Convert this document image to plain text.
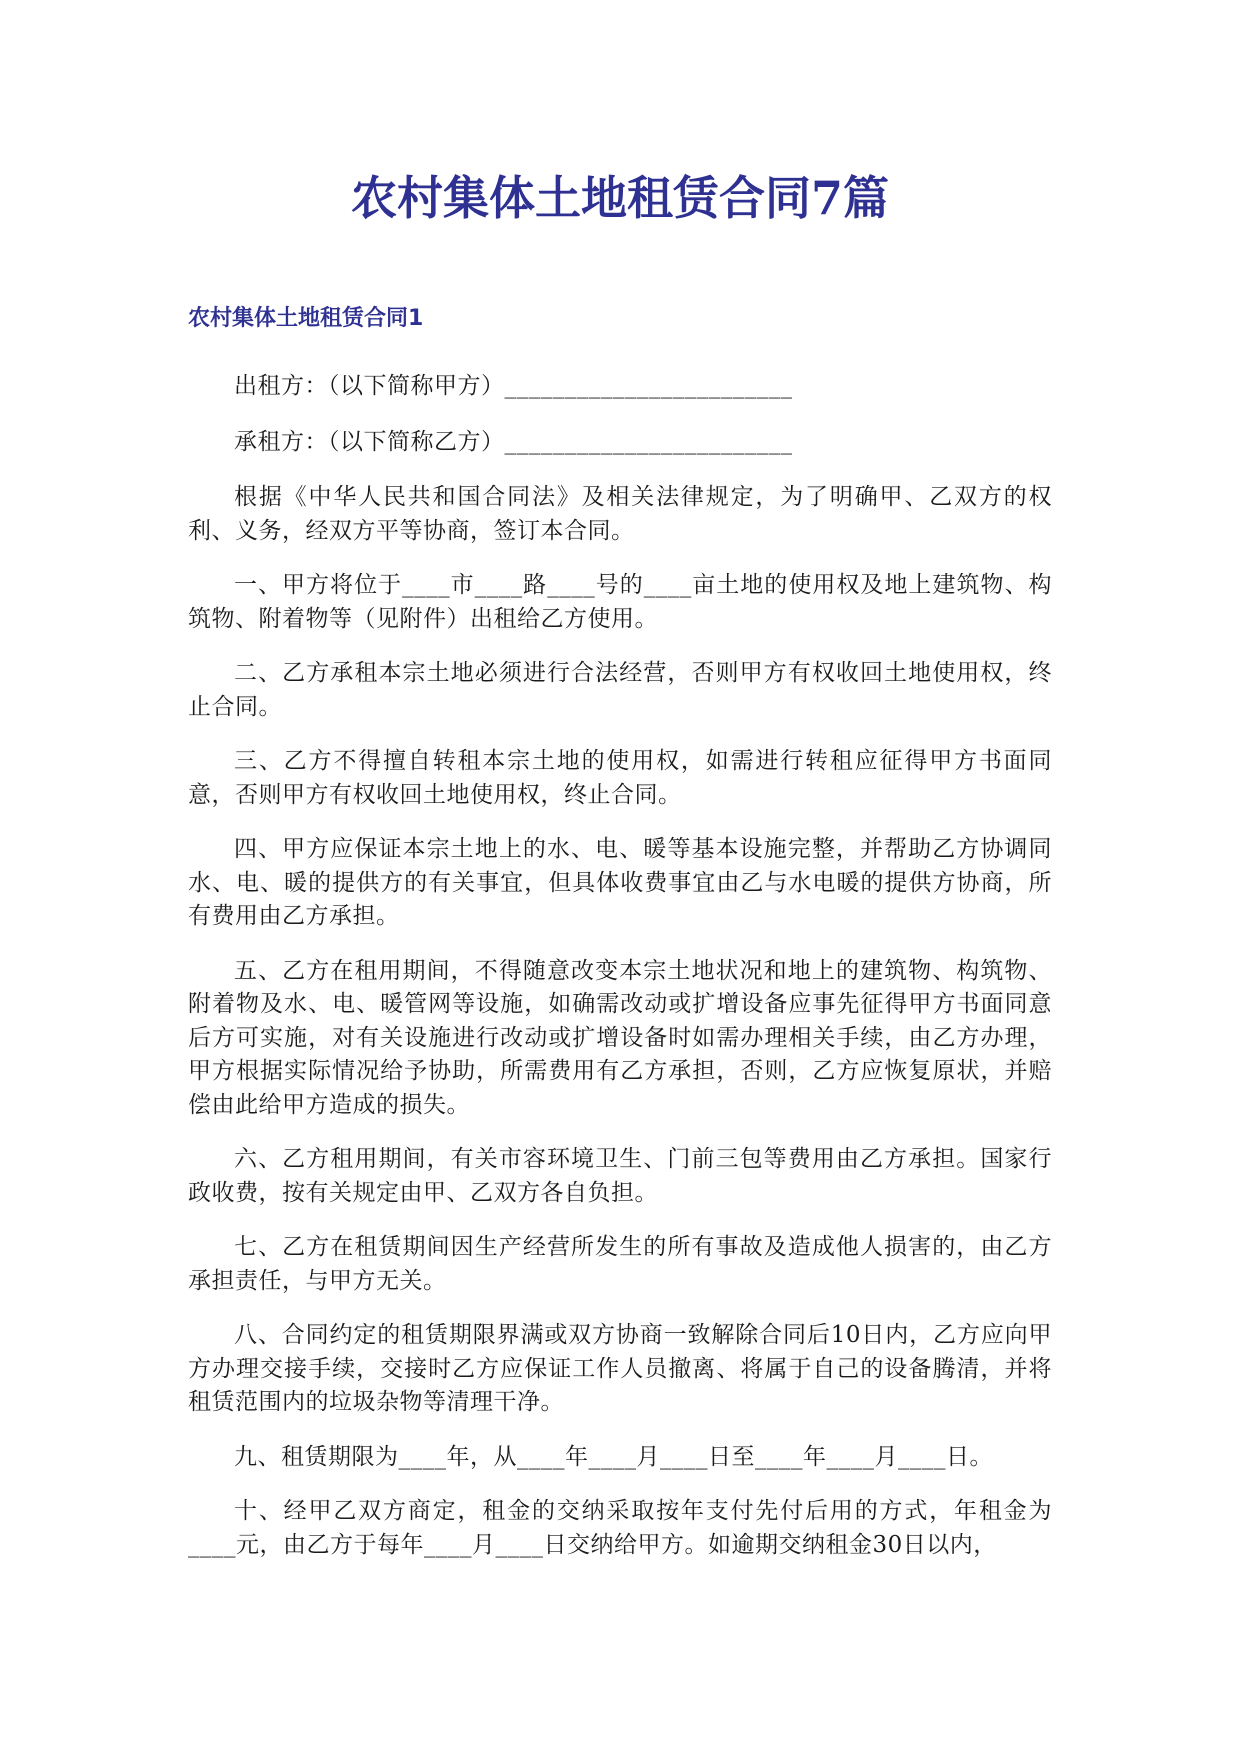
农村集体土地租赁合同7篇
农村集体土地租赁合同1

出租方：（以下简称甲方）________________________

承租方：（以下简称乙方）________________________

根据《中华人民共和国合同法》及相关法律规定，为了明确甲、乙双方的权利、义务，经双方平等协商，签订本合同。

一、甲方将位于____市____路____号的____亩土地的使用权及地上建筑物、构筑物、附着物等（见附件）出租给乙方使用。

二、乙方承租本宗土地必须进行合法经营，否则甲方有权收回土地使用权，终止合同。

三、乙方不得擅自转租本宗土地的使用权，如需进行转租应征得甲方书面同意，否则甲方有权收回土地使用权，终止合同。

四、甲方应保证本宗土地上的水、电、暖等基本设施完整，并帮助乙方协调同水、电、暖的提供方的有关事宜，但具体收费事宜由乙与水电暖的提供方协商，所有费用由乙方承担。

五、乙方在租用期间，不得随意改变本宗土地状况和地上的建筑物、构筑物、附着物及水、电、暖管网等设施，如确需改动或扩增设备应事先征得甲方书面同意后方可实施，对有关设施进行改动或扩增设备时如需办理相关手续，由乙方办理，甲方根据实际情况给予协助，所需费用有乙方承担，否则，乙方应恢复原状，并赔偿由此给甲方造成的损失。

六、乙方租用期间，有关市容环境卫生、门前三包等费用由乙方承担。国家行政收费，按有关规定由甲、乙双方各自负担。

七、乙方在租赁期间因生产经营所发生的所有事故及造成他人损害的，由乙方承担责任，与甲方无关。

八、合同约定的租赁期限界满或双方协商一致解除合同后10日内，乙方应向甲方办理交接手续，交接时乙方应保证工作人员撤离、将属于自己的设备腾清，并将租赁范围内的垃圾杂物等清理干净。

九、租赁期限为____年，从____年____月____日至____年____月____日。

十、经甲乙双方商定，租金的交纳采取按年支付先付后用的方式，年租金为____元，由乙方于每年____月____日交纳给甲方。如逾期交纳租金30日以内，
